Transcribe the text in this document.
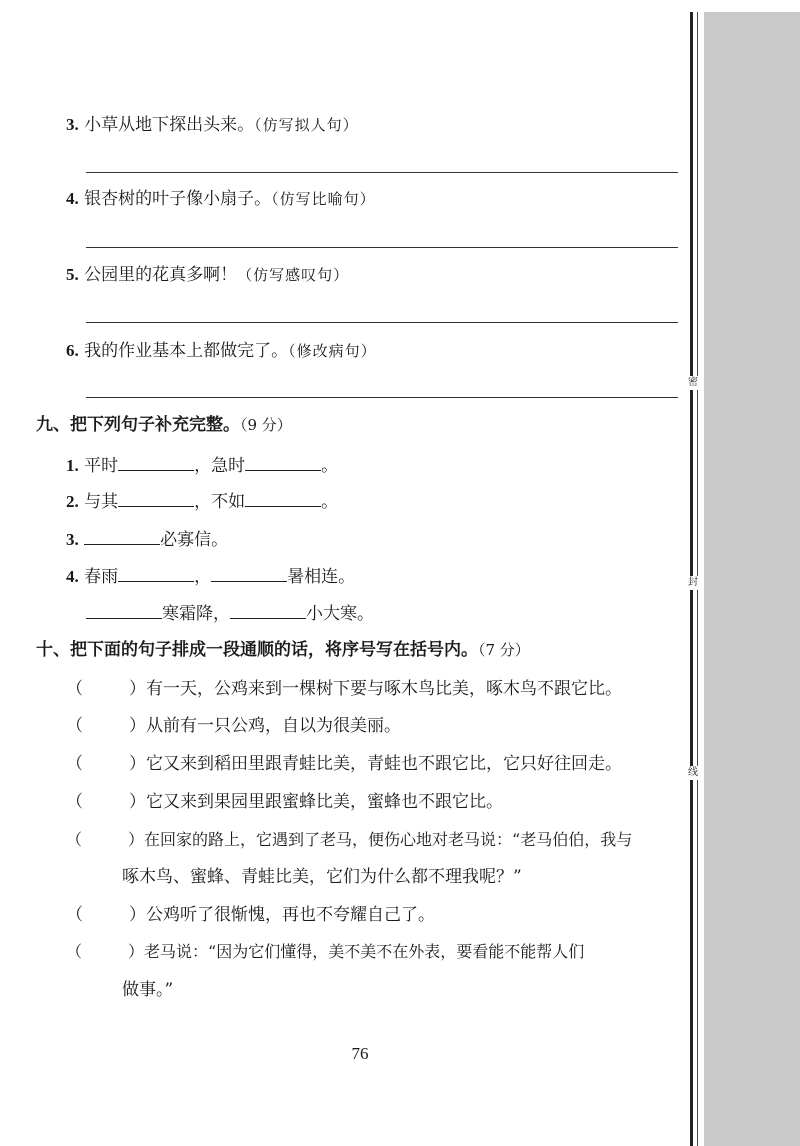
密
封
线
3. 小草从地下探出头来。（仿写拟人句）
4. 银杏树的叶子像小扇子。（仿写比喻句）
5. 公园里的花真多啊！（仿写感叹句）
6. 我的作业基本上都做完了。（修改病句）
九、把下列句子补充完整。（9 分）
1. 平时	，急时	。
2. 与其	，不如	。
3.	必寡信。
4. 春雨	，	暑相连。
寒霜降，	小大寒。
十、把下面的句子排成一段通顺的话，将序号写在括号内。（7 分）
（	）有一天，公鸡来到一棵树下要与啄木鸟比美，啄木鸟不跟它比。
（	）从前有一只公鸡，自以为很美丽。
（	）它又来到稻田里跟青蛙比美，青蛙也不跟它比，它只好往回走。
（	）它又来到果园里跟蜜蜂比美，蜜蜂也不跟它比。
（	）在回家的路上，它遇到了老马，便伤心地对老马说：“老马伯伯，我与
啄木鸟、蜜蜂、青蛙比美，它们为什么都不理我呢？”
（	）公鸡听了很惭愧，再也不夸耀自己了。
（	）老马说：“因为它们懂得，美不美不在外表，要看能不能帮人们
做事。”
76
